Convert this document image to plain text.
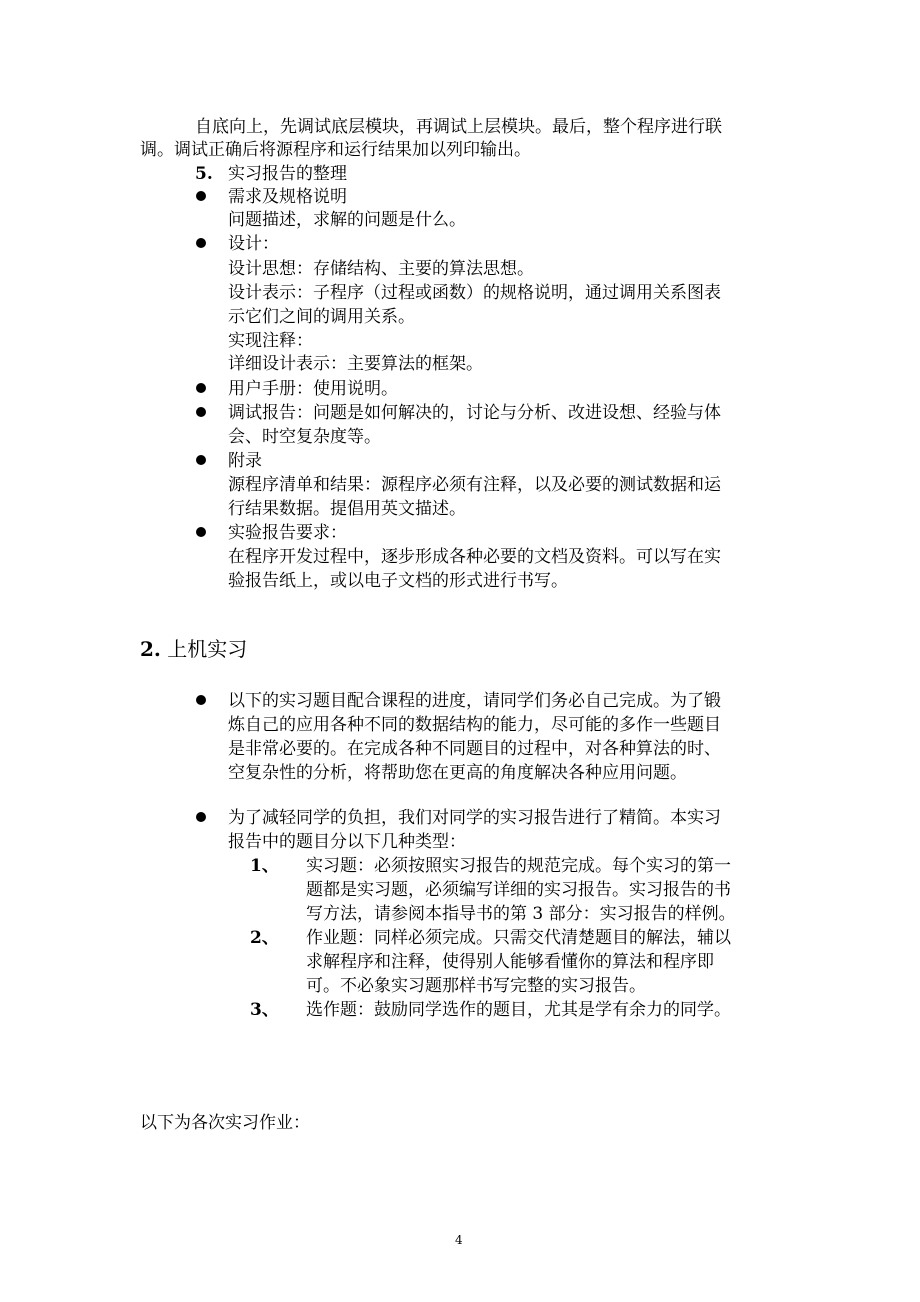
自底向上，先调试底层模块，再调试上层模块。最后，整个程序进行联
调。调试正确后将源程序和运行结果加以列印输出。
5. 实习报告的整理
需求及规格说明
问题描述，求解的问题是什么。
设计：
设计思想：存储结构、主要的算法思想。
设计表示：子程序（过程或函数）的规格说明，通过调用关系图表
示它们之间的调用关系。
实现注释：
详细设计表示：主要算法的框架。
用户手册：使用说明。
调试报告：问题是如何解决的，讨论与分析、改进设想、经验与体
会、时空复杂度等。
附录
源程序清单和结果：源程序必须有注释，以及必要的测试数据和运
行结果数据。提倡用英文描述。
实验报告要求：
在程序开发过程中，逐步形成各种必要的文档及资料。可以写在实
验报告纸上，或以电子文档的形式进行书写。
2. 上机实习
以下的实习题目配合课程的进度，请同学们务必自己完成。为了锻
炼自己的应用各种不同的数据结构的能力，尽可能的多作一些题目
是非常必要的。在完成各种不同题目的过程中，对各种算法的时、
空复杂性的分析，将帮助您在更高的角度解决各种应用问题。
为了减轻同学的负担，我们对同学的实习报告进行了精简。本实习
报告中的题目分以下几种类型：
1、 实习题：必须按照实习报告的规范完成。每个实习的第一
题都是实习题，必须编写详细的实习报告。实习报告的书
写方法，请参阅本指导书的第 3 部分：实习报告的样例。
2、 作业题：同样必须完成。只需交代清楚题目的解法，辅以
求解程序和注释，使得别人能够看懂你的算法和程序即
可。不必象实习题那样书写完整的实习报告。
3、 选作题：鼓励同学选作的题目，尤其是学有余力的同学。
以下为各次实习作业：
4
